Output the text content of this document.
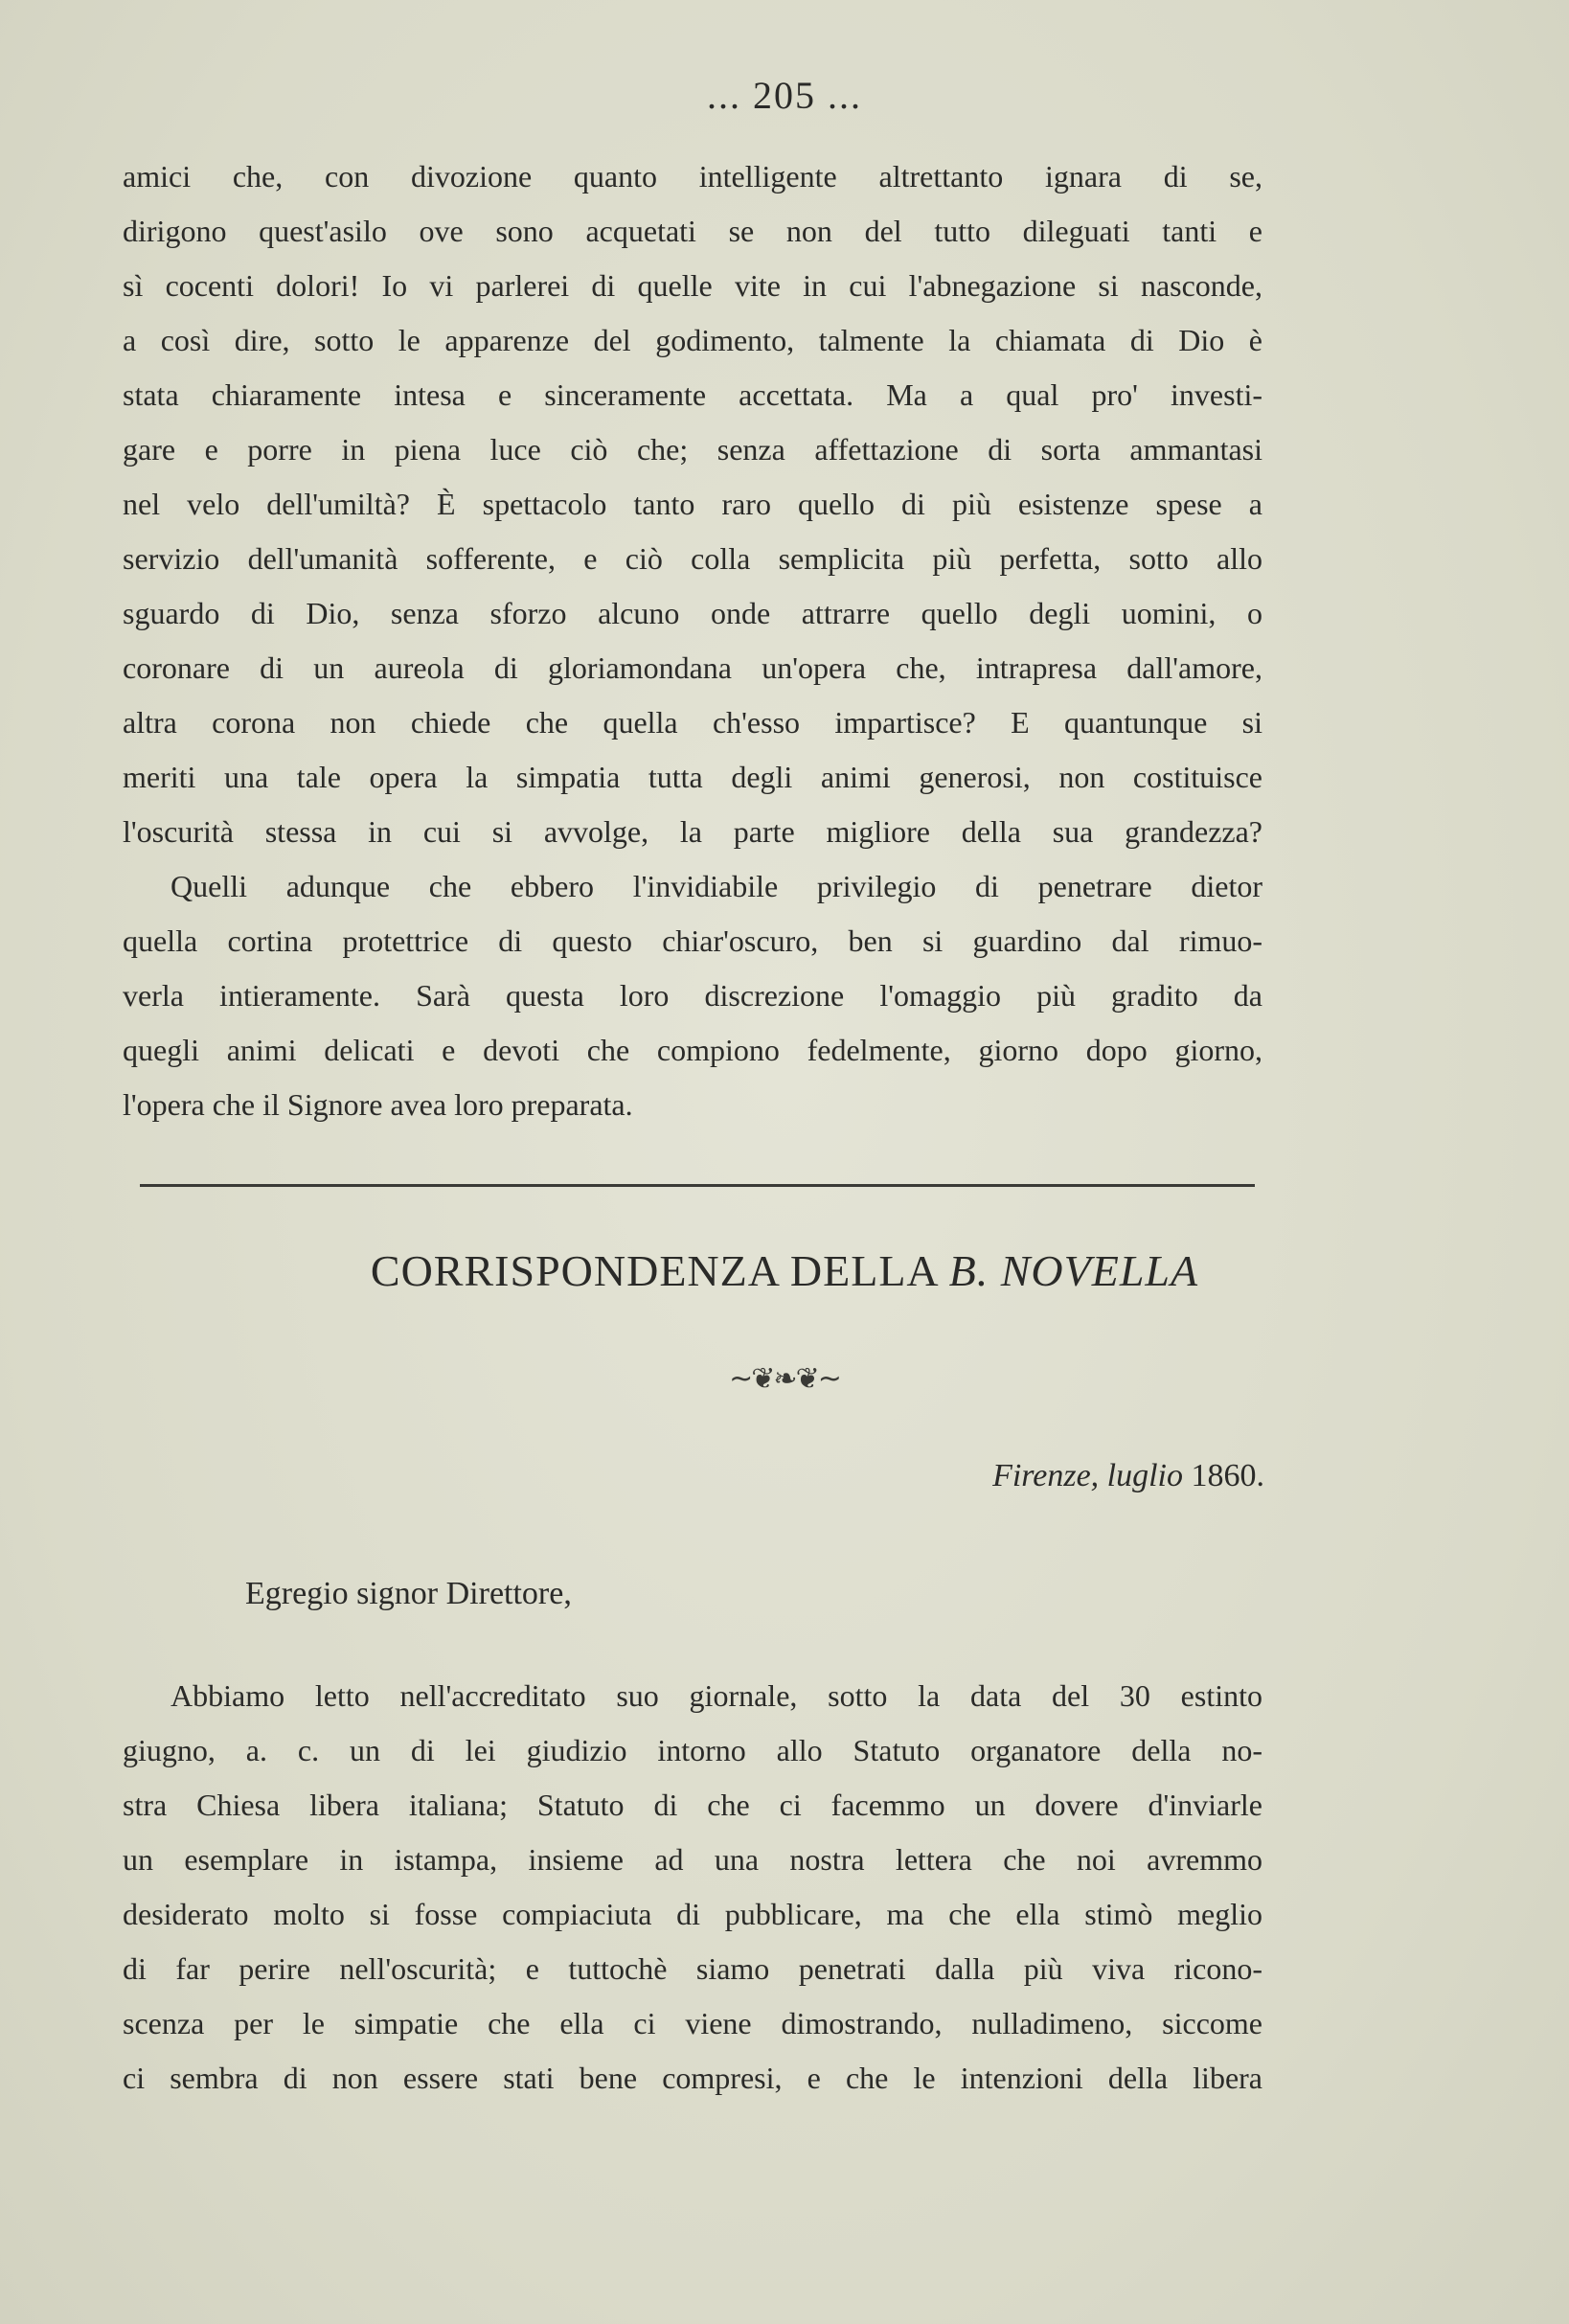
... 205 ...
amici che, con divozione quanto intelligente altrettanto ignara di se,
dirigono quest'asilo ove sono acquetati se non del tutto dileguati tanti e
sì cocenti dolori! Io vi parlerei di quelle vite in cui l'abnegazione si nasconde,
a così dire, sotto le apparenze del godimento, talmente la chiamata di Dio è
stata chiaramente intesa e sinceramente accettata. Ma a qual pro' investi-
gare e porre in piena luce ciò che; senza affettazione di sorta ammantasi
nel velo dell'umiltà? È spettacolo tanto raro quello di più esistenze spese a
servizio dell'umanità sofferente, e ciò colla semplicita più perfetta, sotto allo
sguardo di Dio, senza sforzo alcuno onde attrarre quello degli uomini, o
coronare di un aureola di gloriamondana un'opera che, intrapresa dall'amore,
altra corona non chiede che quella ch'esso impartisce? E quantunque si
meriti una tale opera la simpatia tutta degli animi generosi, non costituisce
l'oscurità stessa in cui si avvolge, la parte migliore della sua grandezza?
Quelli adunque che ebbero l'invidiabile privilegio di penetrare dietor
quella cortina protettrice di questo chiar'oscuro, ben si guardino dal rimuo-
verla intieramente. Sarà questa loro discrezione l'omaggio più gradito da
quegli animi delicati e devoti che compiono fedelmente, giorno dopo giorno,
l'opera che il Signore avea loro preparata.
CORRISPONDENZA DELLA B. NOVELLA
~❦❧❦~
Firenze, luglio 1860.
Egregio signor Direttore,
Abbiamo letto nell'accreditato suo giornale, sotto la data del 30 estinto
giugno, a. c. un di lei giudizio intorno allo Statuto organatore della no-
stra Chiesa libera italiana; Statuto di che ci facemmo un dovere d'inviarle
un esemplare in istampa, insieme ad una nostra lettera che noi avremmo
desiderato molto si fosse compiaciuta di pubblicare, ma che ella stimò meglio
di far perire nell'oscurità; e tuttochè siamo penetrati dalla più viva ricono-
scenza per le simpatie che ella ci viene dimostrando, nulladimeno, siccome
ci sembra di non essere stati bene compresi, e che le intenzioni della libera
